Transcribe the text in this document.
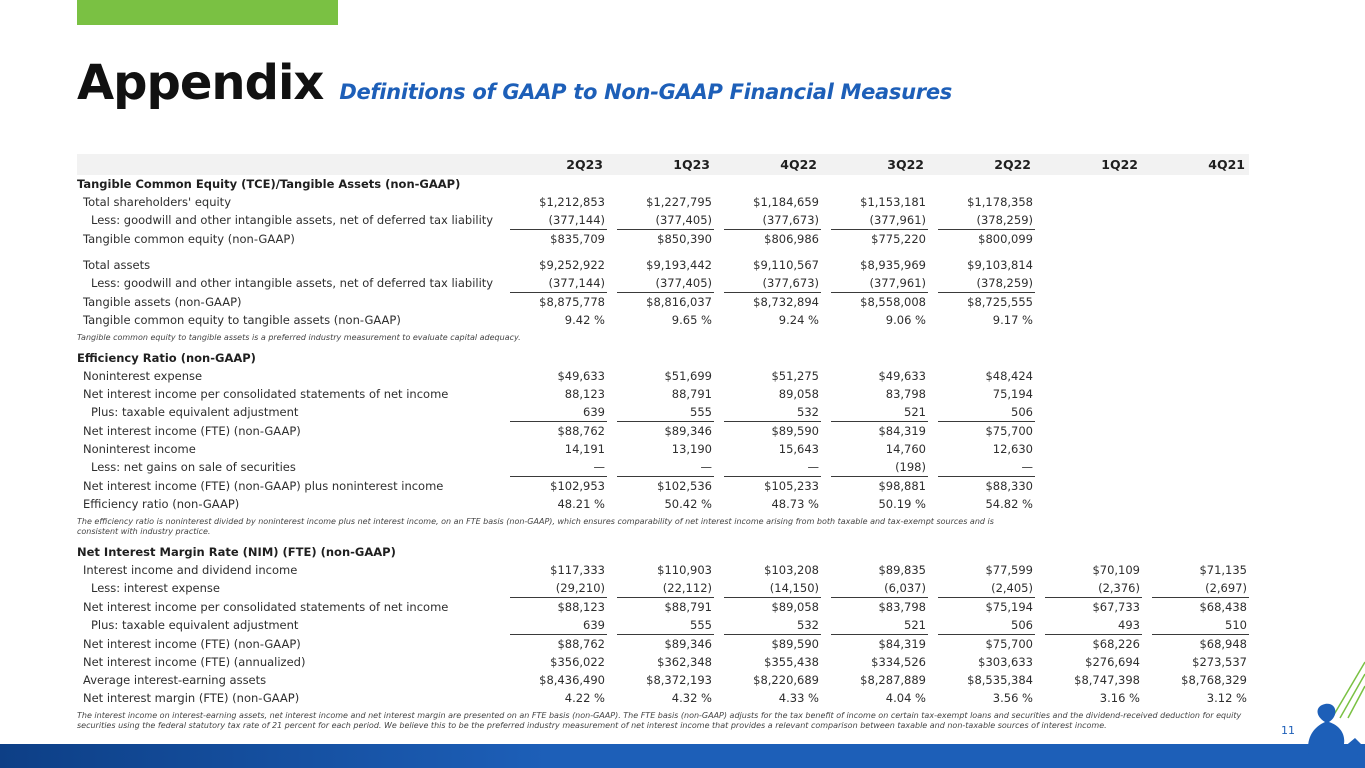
Appendix Definitions of GAAP to Non-GAAP Financial Measures
	2Q23		1Q23		4Q22		3Q22		2Q22		1Q22		4Q21
Tangible Common Equity (TCE)/Tangible Assets (non-GAAP)													
Total shareholders' equity	$1,212,853		$1,227,795		$1,184,659		$1,153,181		$1,178,358				
Less: goodwill and other intangible assets, net of deferred tax liability	(377,144)		(377,405)		(377,673)		(377,961)		(378,259)				
Tangible common equity (non-GAAP)	$835,709		$850,390		$806,986		$775,220		$800,099				

Total assets	$9,252,922		$9,193,442		$9,110,567		$8,935,969		$9,103,814				
Less: goodwill and other intangible assets, net of deferred tax liability	(377,144)		(377,405)		(377,673)		(377,961)		(378,259)				
Tangible assets (non-GAAP)	$8,875,778		$8,816,037		$8,732,894		$8,558,008		$8,725,555				
Tangible common equity to tangible assets (non-GAAP)	9.42 %		9.65 %		9.24 %		9.06 %		9.17 %				
Tangible common equity to tangible assets is a preferred industry measurement to evaluate capital adequacy.													
Efficiency Ratio (non-GAAP)													
Noninterest expense	$49,633		$51,699		$51,275		$49,633		$48,424				
Net interest income per consolidated statements of net income	88,123		88,791		89,058		83,798		75,194				
Plus: taxable equivalent adjustment	639		555		532		521		506				
Net interest income (FTE) (non-GAAP)	$88,762		$89,346		$89,590		$84,319		$75,700				
Noninterest income	14,191		13,190		15,643		14,760		12,630				
Less: net gains on sale of securities	—		—		—		(198)		—				
Net interest income (FTE) (non-GAAP) plus noninterest income	$102,953		$102,536		$105,233		$98,881		$88,330				
Efficiency ratio (non-GAAP)	48.21 %		50.42 %		48.73 %		50.19 %		54.82 %				
The efficiency ratio is noninterest divided by noninterest income plus net interest income, on an FTE basis (non-GAAP), which ensures comparability of net interest income arising from both taxable and tax-exempt sources and is consistent with industry practice.													
Net Interest Margin Rate (NIM) (FTE) (non-GAAP)													
Interest income and dividend income	$117,333		$110,903		$103,208		$89,835		$77,599		$70,109		$71,135
Less: interest expense	(29,210)		(22,112)		(14,150)		(6,037)		(2,405)		(2,376)		(2,697)
Net interest income per consolidated statements of net income	$88,123		$88,791		$89,058		$83,798		$75,194		$67,733		$68,438
Plus: taxable equivalent adjustment	639		555		532		521		506		493		510
Net interest income (FTE) (non-GAAP)	$88,762		$89,346		$89,590		$84,319		$75,700		$68,226		$68,948
Net interest income (FTE) (annualized)	$356,022		$362,348		$355,438		$334,526		$303,633		$276,694		$273,537
Average interest-earning assets	$8,436,490		$8,372,193		$8,220,689		$8,287,889		$8,535,384		$8,747,398		$8,768,329
Net interest margin (FTE) (non-GAAP)	4.22 %		4.32 %		4.33 %		4.04 %		3.56 %		3.16 %		3.12 %
The interest income on interest-earning assets, net interest income and net interest margin are presented on an FTE basis (non-GAAP). The FTE basis (non-GAAP) adjusts for the tax benefit of income on certain tax-exempt loans and securities and the dividend-received deduction for equity securities using the federal statutory tax rate of 21 percent for each period. We believe this to be the preferred industry measurement of net interest income that provides a relevant comparison between taxable and non-taxable sources of interest income.														11
